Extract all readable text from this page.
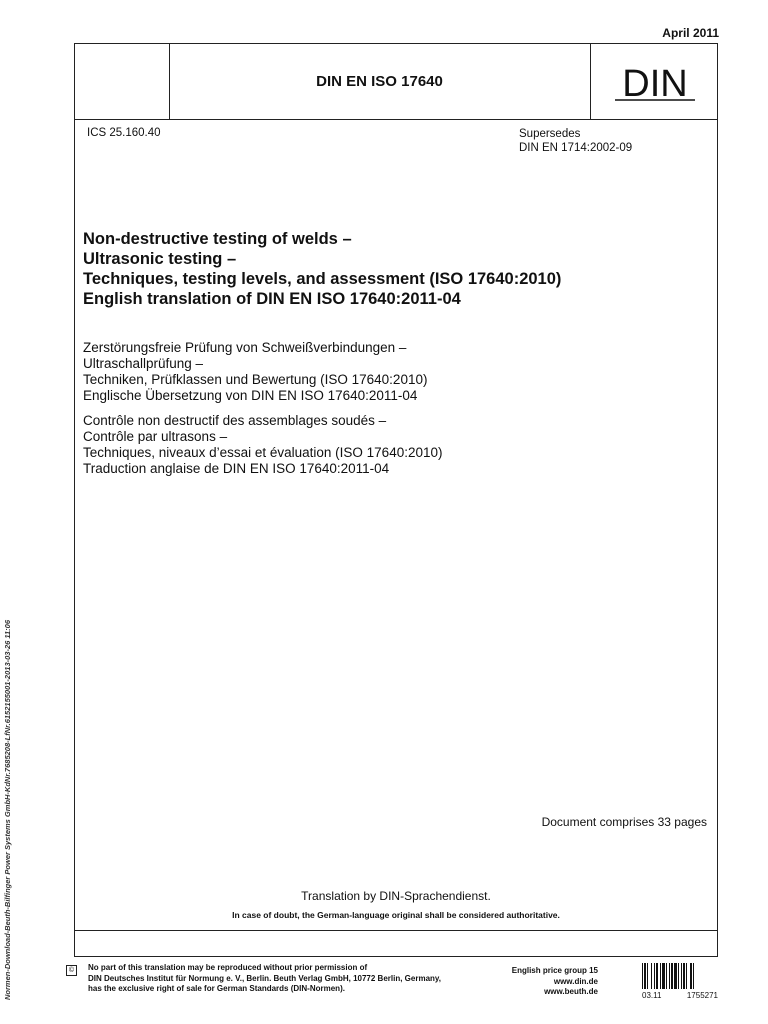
April 2011
DIN EN ISO 17640	DIN
ICS 25.160.40	Supersedes
DIN EN 1714:2002-09
Non-destructive testing of welds –
Ultrasonic testing –
Techniques, testing levels, and assessment (ISO 17640:2010)
English translation of DIN EN ISO 17640:2011-04
Zerstörungsfreie Prüfung von Schweißverbindungen –
Ultraschallprüfung –
Techniken, Prüfklassen und Bewertung (ISO 17640:2010)
Englische Übersetzung von DIN EN ISO 17640:2011-04
Contrôle non destructif des assemblages soudés –
Contrôle par ultrasons –
Techniques, niveaux d’essai et évaluation (ISO 17640:2010)
Traduction anglaise de DIN EN ISO 17640:2011-04
Document comprises 33 pages
Translation by DIN-Sprachendienst.
In case of doubt, the German-language original shall be considered authoritative.
Normen-Download-Beuth-Bilfinger Power Systems GmbH-KdNr.7685208-LfNr.6152155001-2013-03-26 11:06	©	No part of this translation may be reproduced without prior permission of
DIN Deutsches Institut für Normung e. V., Berlin. Beuth Verlag GmbH, 10772 Berlin, Germany,
has the exclusive right of sale for German Standards (DIN-Normen).
English price group 15
www.din.de
www.beuth.de	03.11	1755271
